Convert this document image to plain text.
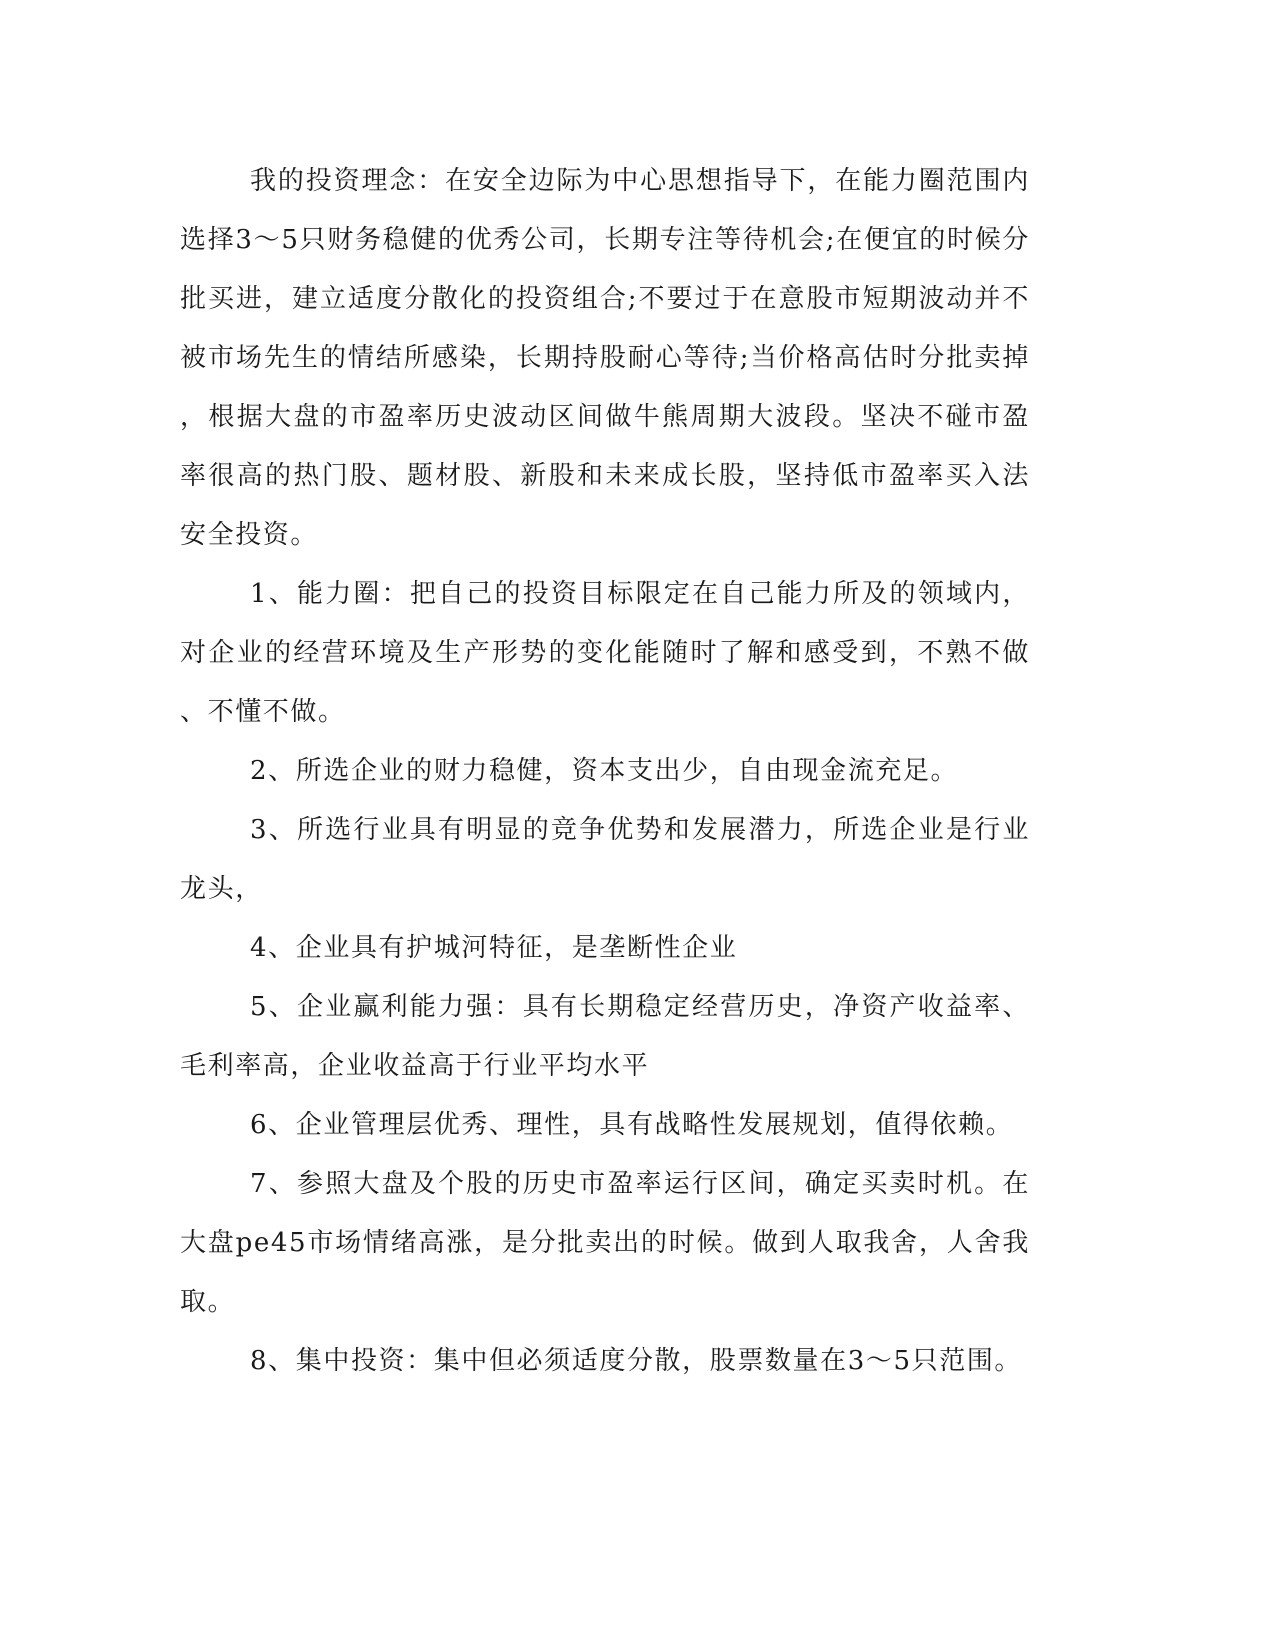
我的投资理念：在安全边际为中心思想指导下，在能力圈范围内选择3～5只财务稳健的优秀公司，长期专注等待机会;在便宜的时候分批买进，建立适度分散化的投资组合;不要过于在意股市短期波动并不被市场先生的情结所感染，长期持股耐心等待;当价格高估时分批卖掉，根据大盘的市盈率历史波动区间做牛熊周期大波段。坚决不碰市盈率很高的热门股、题材股、新股和未来成长股，坚持低市盈率买入法安全投资。

1、能力圈：把自己的投资目标限定在自己能力所及的领域内，对企业的经营环境及生产形势的变化能随时了解和感受到，不熟不做、不懂不做。

2、所选企业的财力稳健，资本支出少，自由现金流充足。

3、所选行业具有明显的竞争优势和发展潜力，所选企业是行业龙头，

4、企业具有护城河特征，是垄断性企业

5、企业赢利能力强：具有长期稳定经营历史，净资产收益率、毛利率高，企业收益高于行业平均水平

6、企业管理层优秀、理性，具有战略性发展规划，值得依赖。

7、参照大盘及个股的历史市盈率运行区间，确定买卖时机。在大盘pe45市场情绪高涨，是分批卖出的时候。做到人取我舍，人舍我取。

8、集中投资：集中但必须适度分散，股票数量在3～5只范围。
